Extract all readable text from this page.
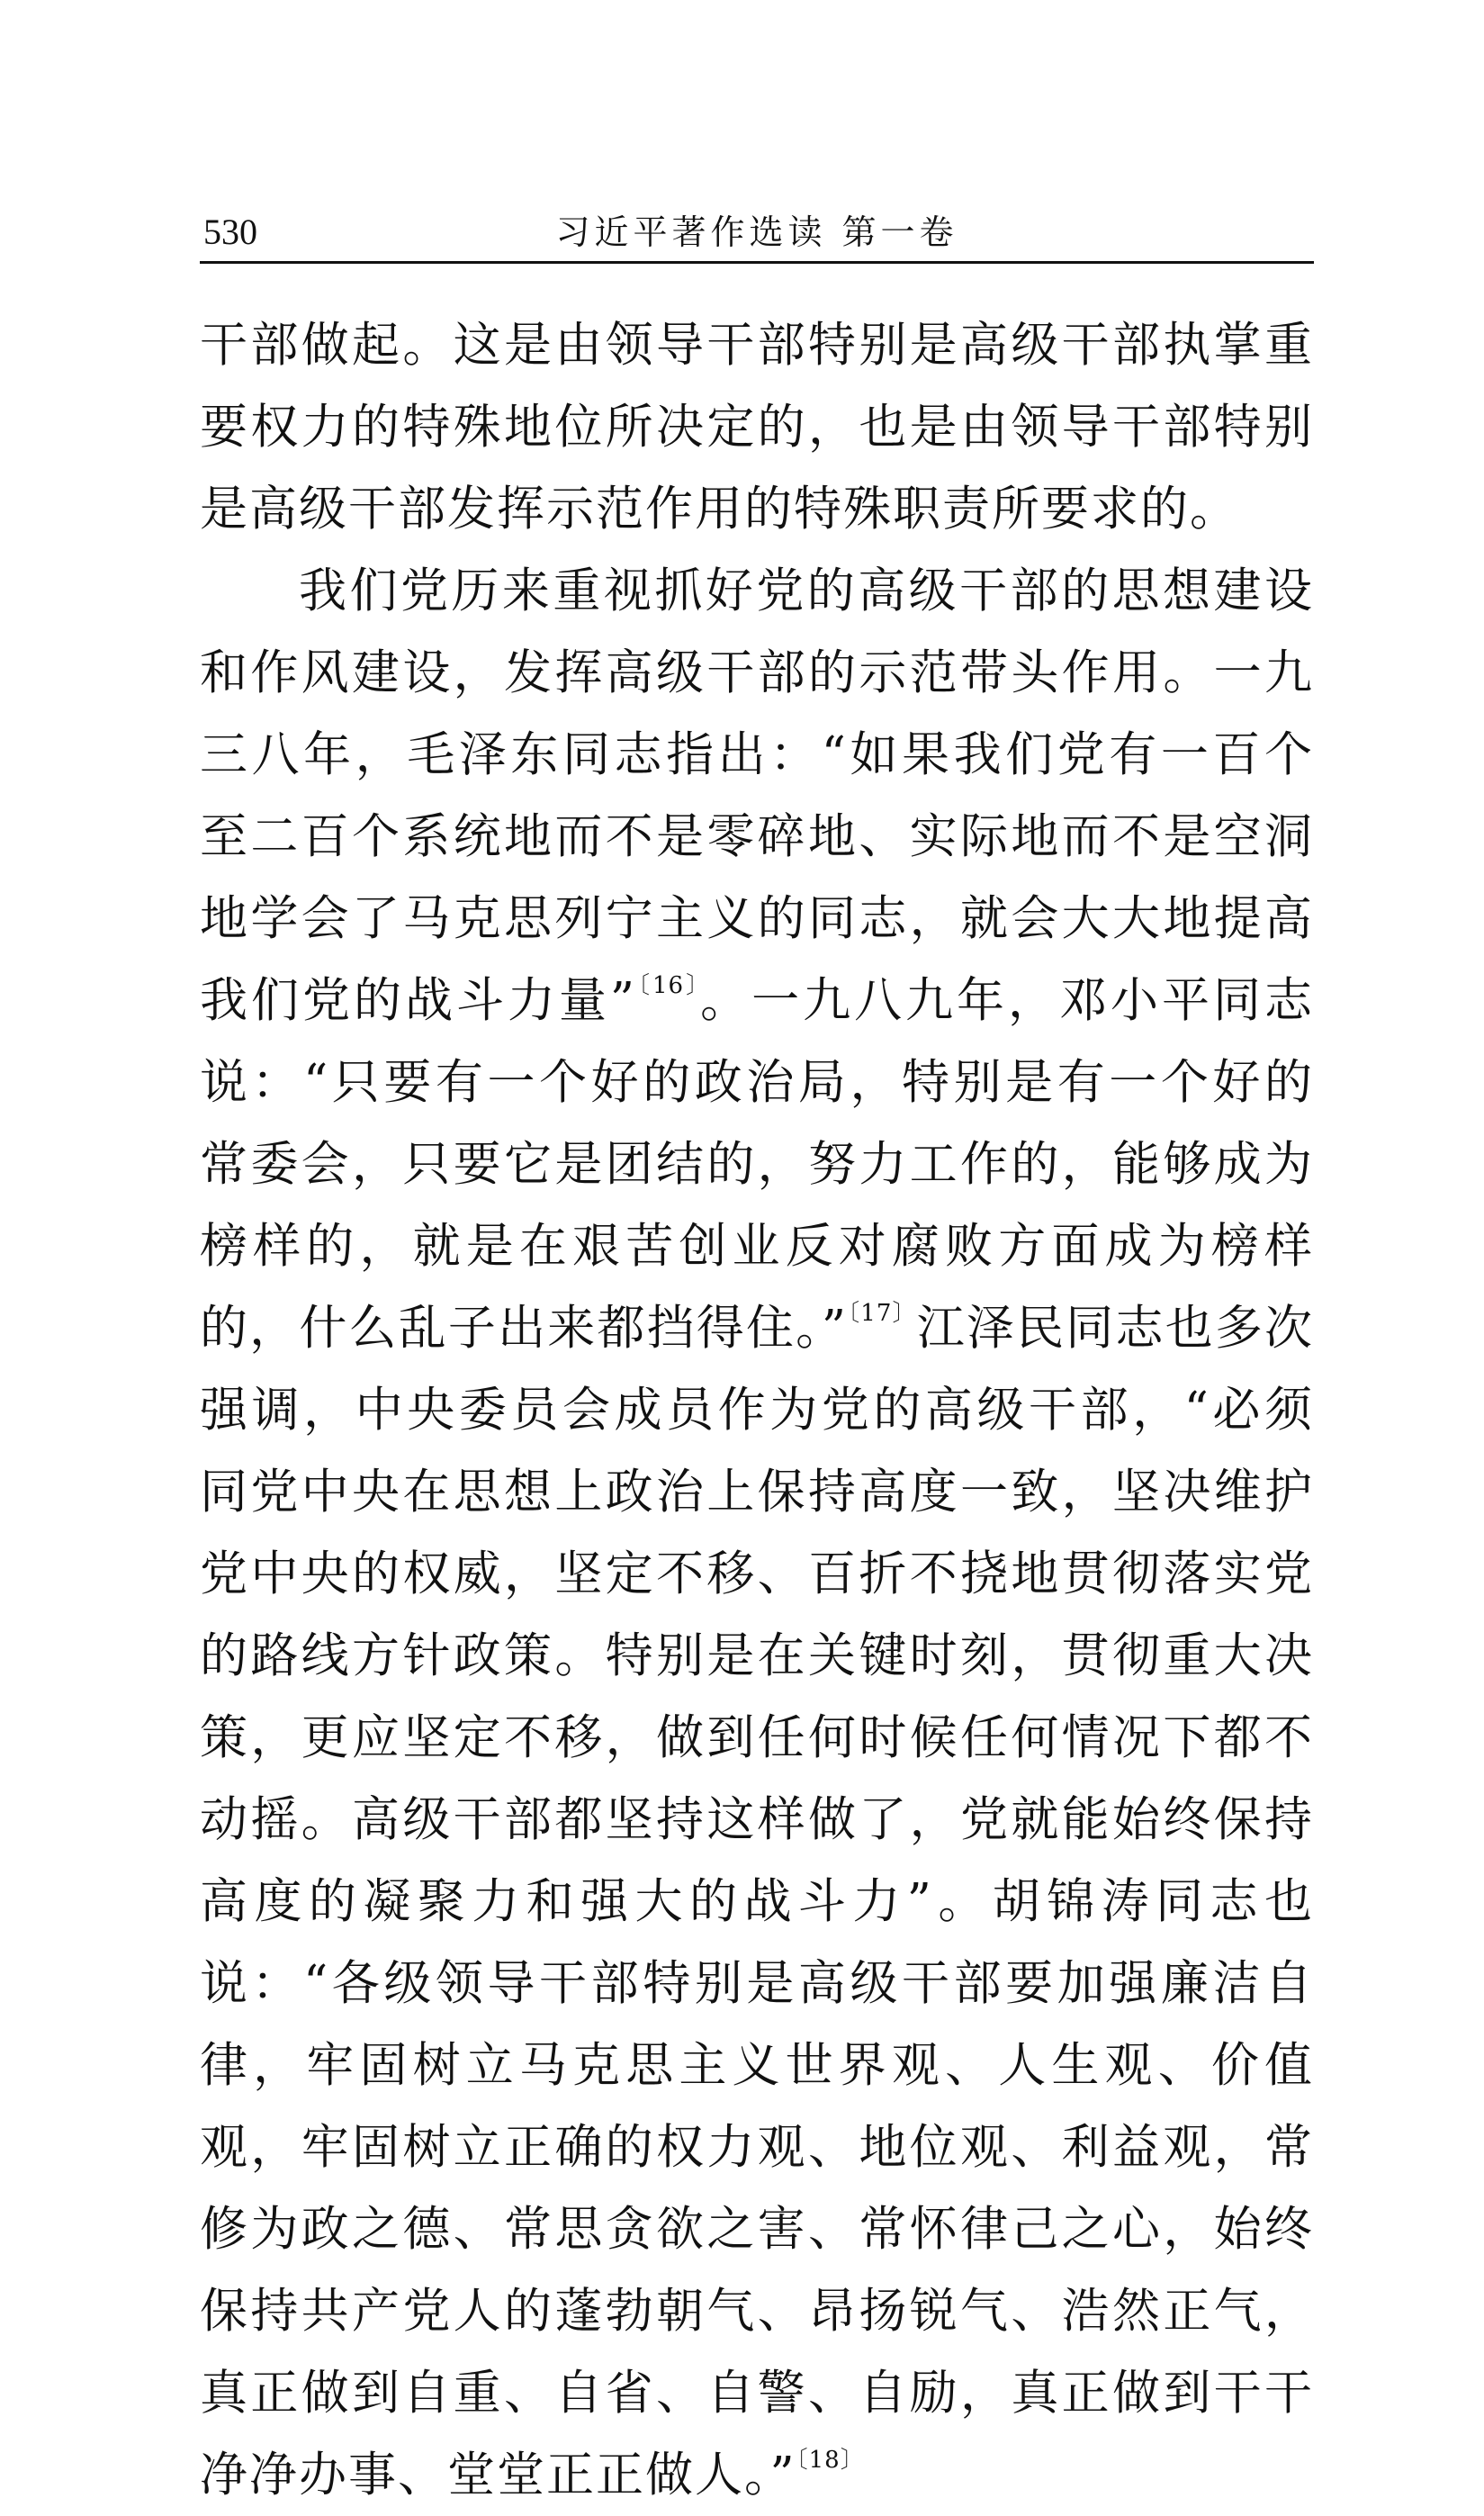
530	习近平著作选读 第一卷

干部做起。这是由领导干部特别是高级干部执掌重要权力的特殊地位所决定的，也是由领导干部特别是高级干部发挥示范作用的特殊职责所要求的。

我们党历来重视抓好党的高级干部的思想建设和作风建设，发挥高级干部的示范带头作用。一九三八年，毛泽东同志指出：“如果我们党有一百个至二百个系统地而不是零碎地、实际地而不是空洞地学会了马克思列宁主义的同志，就会大大地提高我们党的战斗力量”$^{〔16〕}$。一九八九年，邓小平同志说：“只要有一个好的政治局，特别是有一个好的常委会，只要它是团结的，努力工作的，能够成为榜样的，就是在艰苦创业反对腐败方面成为榜样的，什么乱子出来都挡得住。”$^{〔17〕}$江泽民同志也多次强调，中央委员会成员作为党的高级干部，“必须同党中央在思想上政治上保持高度一致，坚决维护党中央的权威，坚定不移、百折不挠地贯彻落实党的路线方针政策。特别是在关键时刻，贯彻重大决策，更应坚定不移，做到任何时候任何情况下都不动摇。高级干部都坚持这样做了，党就能始终保持高度的凝聚力和强大的战斗力”。胡锦涛同志也说：“各级领导干部特别是高级干部要加强廉洁自律，牢固树立马克思主义世界观、人生观、价值观，牢固树立正确的权力观、地位观、利益观，常修为政之德、常思贪欲之害、常怀律己之心，始终保持共产党人的蓬勃朝气、昂扬锐气、浩然正气，真正做到自重、自省、自警、自励，真正做到干干净净办事、堂堂正正做人。”$^{〔18〕}$
